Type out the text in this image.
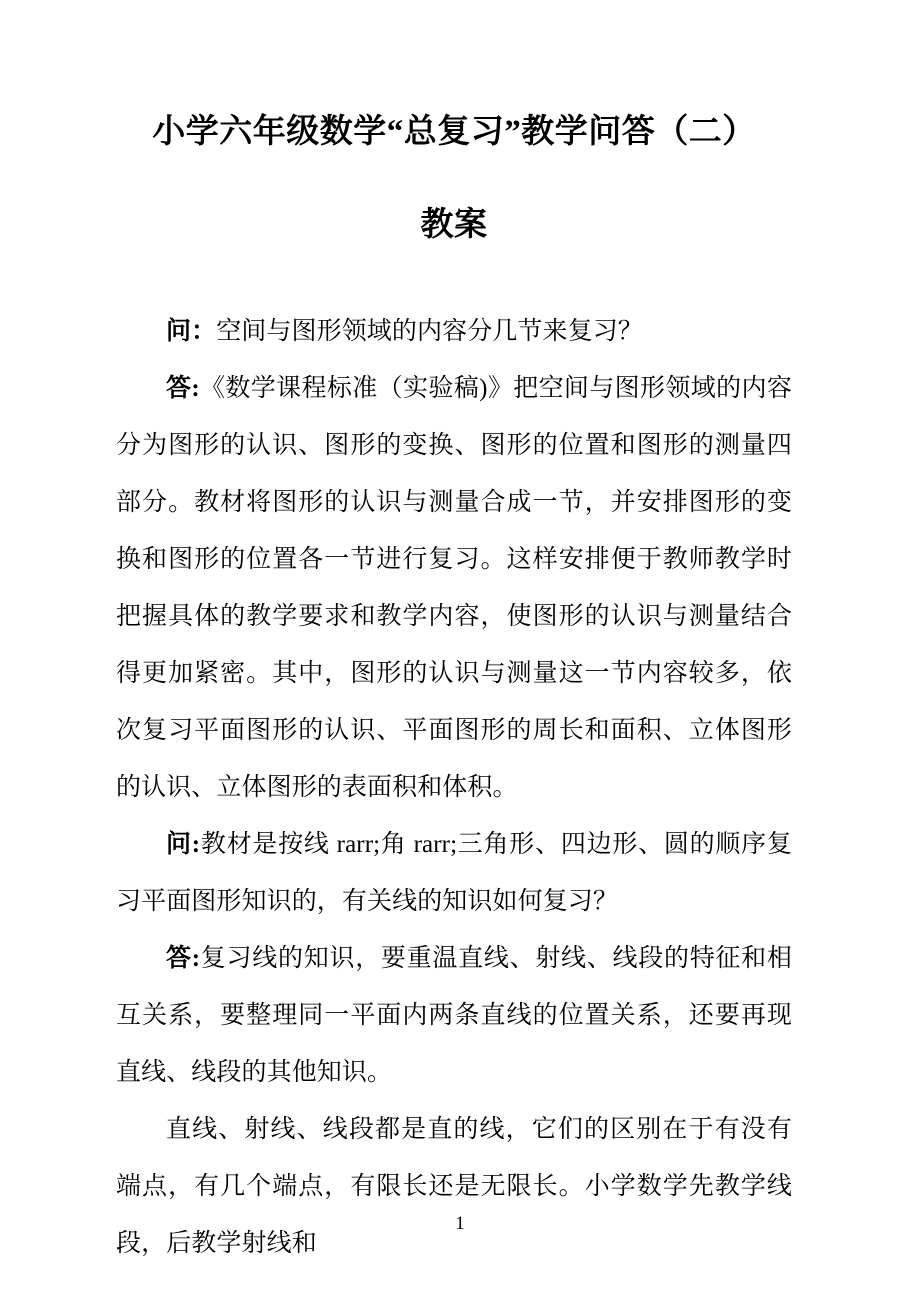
小学六年级数学“总复习”教学问答（二）
教案

问：空间与图形领域的内容分几节来复习？

答:《数学课程标准（实验稿)》把空间与图形领域的内容分为图形的认识、图形的变换、图形的位置和图形的测量四部分。教材将图形的认识与测量合成一节，并安排图形的变换和图形的位置各一节进行复习。这样安排便于教师教学时把握具体的教学要求和教学内容，使图形的认识与测量结合得更加紧密。其中，图形的认识与测量这一节内容较多，依次复习平面图形的认识、平面图形的周长和面积、立体图形的认识、立体图形的表面积和体积。

问:教材是按线 rarr;角 rarr;三角形、四边形、圆的顺序复习平面图形知识的，有关线的知识如何复习？

答:复习线的知识，要重温直线、射线、线段的特征和相互关系，要整理同一平面内两条直线的位置关系，还要再现直线、线段的其他知识。

直线、射线、线段都是直的线，它们的区别在于有没有端点，有几个端点，有限长还是无限长。小学数学先教学线段，后教学射线和

1
